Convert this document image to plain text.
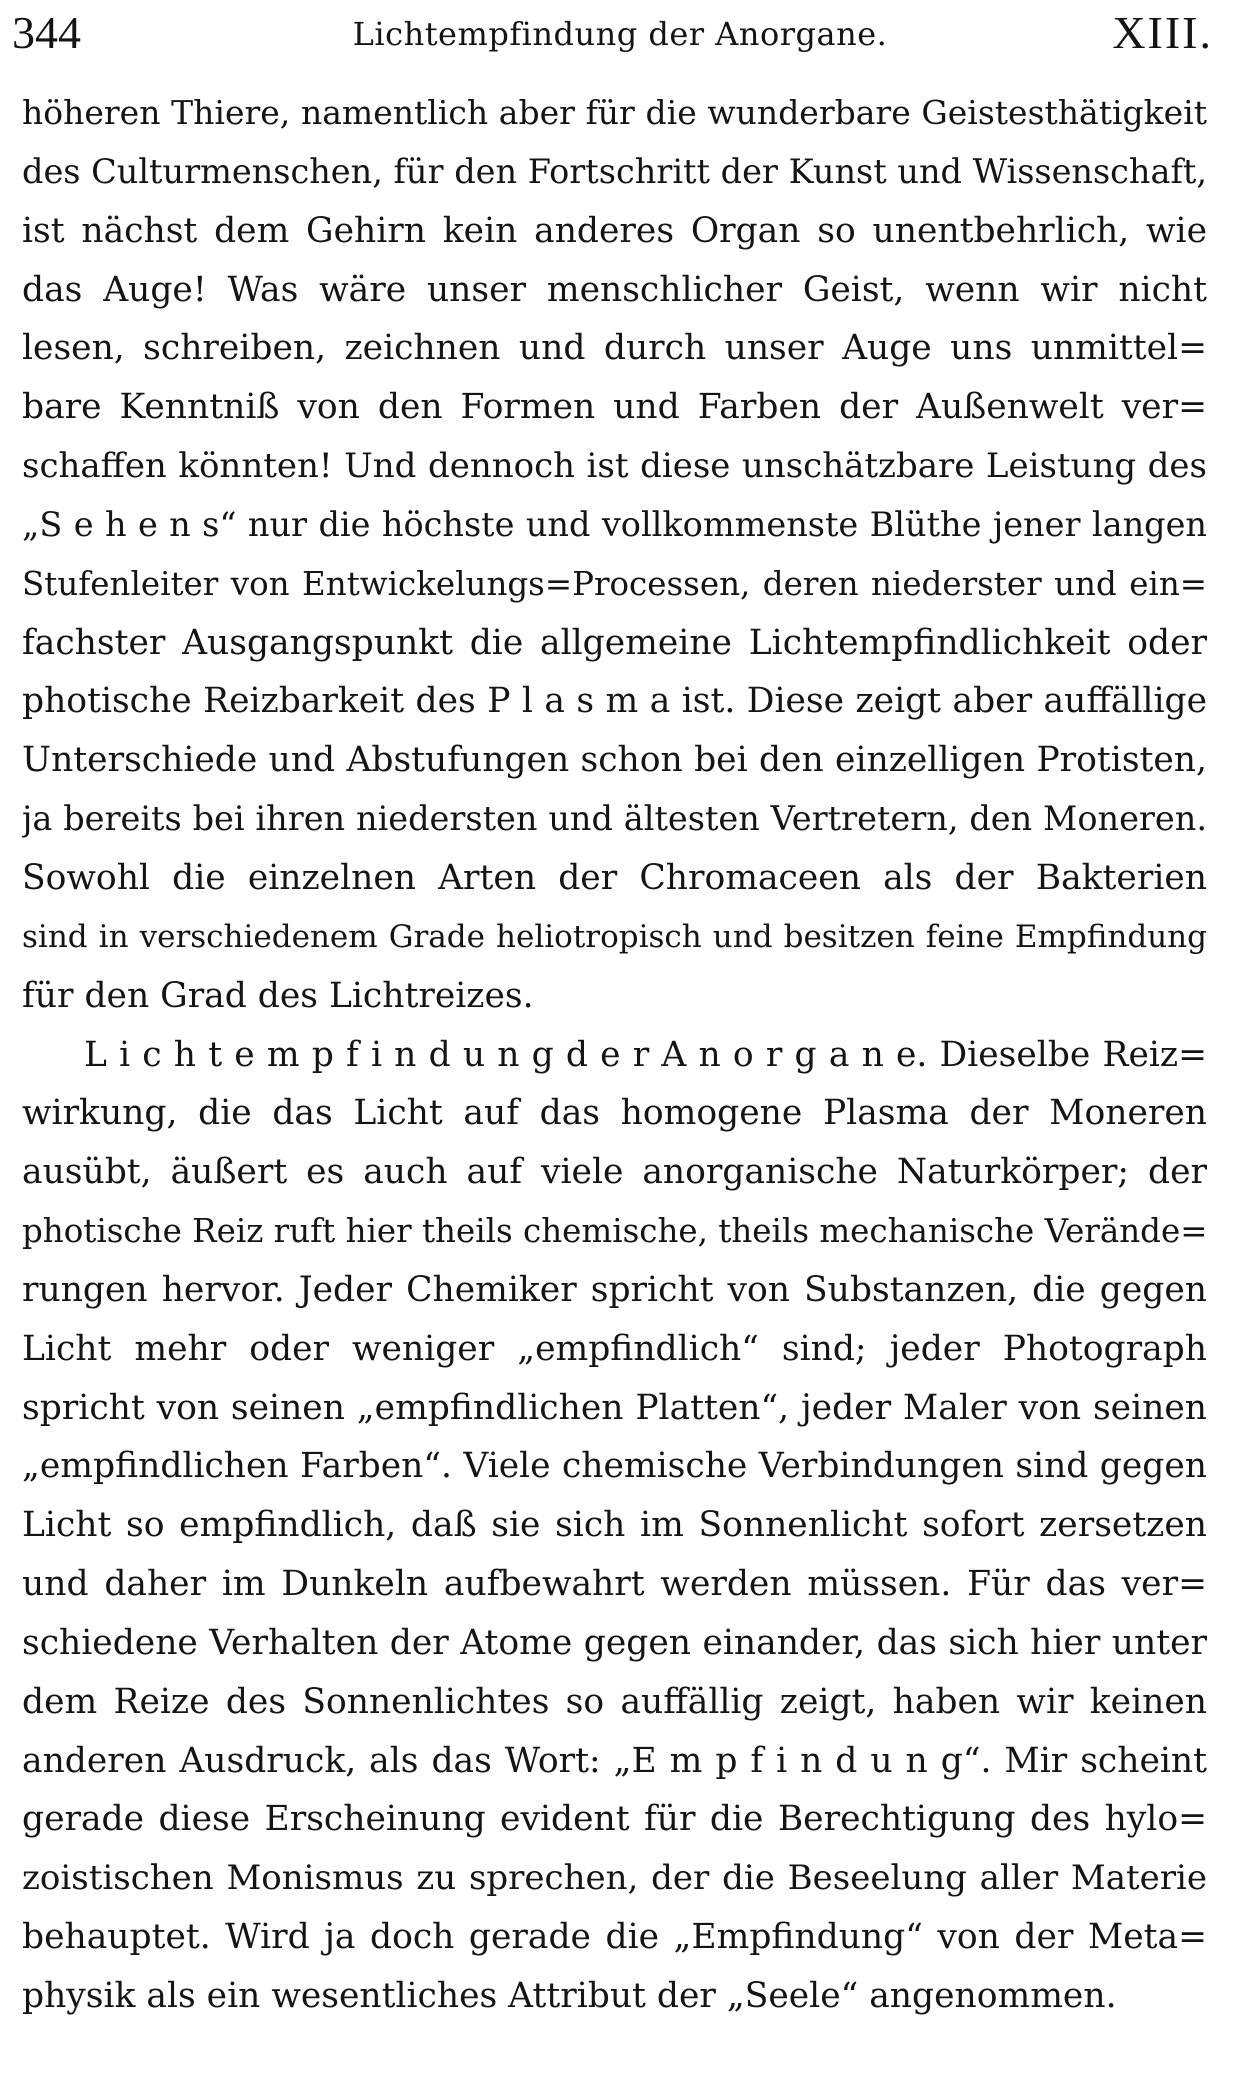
344	Lichtempfindung der Anorgane.	XIII.
höheren Thiere, namentlich aber für die wunderbare Geistesthätigkeit
des Culturmenschen, für den Fortschritt der Kunst und Wissenschaft,
ist nächst dem Gehirn kein anderes Organ so unentbehrlich, wie
das Auge! Was wäre unser menschlicher Geist, wenn wir nicht
lesen, schreiben, zeichnen und durch unser Auge uns unmittel=
bare Kenntniß von den Formen und Farben der Außenwelt ver=
schaffen könnten! Und dennoch ist diese unschätzbare Leistung des
„S e h e n s“ nur die höchste und vollkommenste Blüthe jener langen
Stufenleiter von Entwickelungs=Processen, deren niederster und ein=
fachster Ausgangspunkt die allgemeine Lichtempfindlichkeit oder
photische Reizbarkeit des P l a s m a ist. Diese zeigt aber auffällige
Unterschiede und Abstufungen schon bei den einzelligen Protisten,
ja bereits bei ihren niedersten und ältesten Vertretern, den Moneren.
Sowohl die einzelnen Arten der Chromaceen als der Bakterien
sind in verschiedenem Grade heliotropisch und besitzen feine Empfindung
für den Grad des Lichtreizes.
L i c h t e m p f i n d u n g d e r A n o r g a n e. Dieselbe Reiz=
wirkung, die das Licht auf das homogene Plasma der Moneren
ausübt, äußert es auch auf viele anorganische Naturkörper; der
photische Reiz ruft hier theils chemische, theils mechanische Verände=
rungen hervor. Jeder Chemiker spricht von Substanzen, die gegen
Licht mehr oder weniger „empfindlich“ sind; jeder Photograph
spricht von seinen „empfindlichen Platten“, jeder Maler von seinen
„empfindlichen Farben“. Viele chemische Verbindungen sind gegen
Licht so empfindlich, daß sie sich im Sonnenlicht sofort zersetzen
und daher im Dunkeln aufbewahrt werden müssen. Für das ver=
schiedene Verhalten der Atome gegen einander, das sich hier unter
dem Reize des Sonnenlichtes so auffällig zeigt, haben wir keinen
anderen Ausdruck, als das Wort: „E m p f i n d u n g“. Mir scheint
gerade diese Erscheinung evident für die Berechtigung des hylo=
zoistischen Monismus zu sprechen, der die Beseelung aller Materie
behauptet. Wird ja doch gerade die „Empfindung“ von der Meta=
physik als ein wesentliches Attribut der „Seele“ angenommen.
